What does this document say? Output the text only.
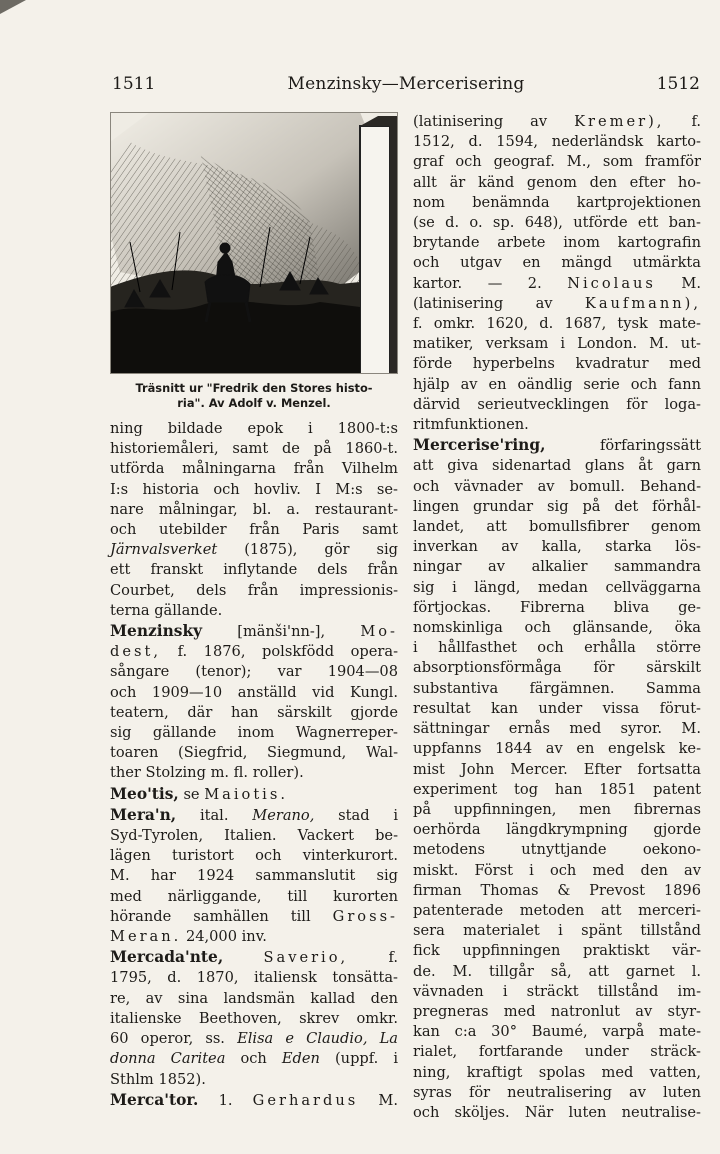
1511	Menzinsky—Mercerisering	1512
Träsnitt ur "Fredrik den Stores histo-
ria". Av Adolf v. Menzel.

ning bildade epok i 1800-t:s
historiemåleri, samt de på 1860-t.
utförda målningarna från Vilhelm
I:s historia och hovliv. I M:s se-
nare målningar, bl. a. restaurant-
och utebilder från Paris samt
Järnvalsverket (1875), gör sig
ett franskt inflytande dels från
Courbet, dels från impressionis-
terna gällande.

Menzinsky [mänši'nn-], Mo-
dest, f. 1876, polskfödd opera-
sångare (tenor); var 1904—08
och 1909—10 anställd vid Kungl.
teatern, där han särskilt gjorde
sig gällande inom Wagnerreper-
toaren (Siegfrid, Siegmund, Wal-
ther Stolzing m. fl. roller).

Meo'tis, se Maiotis.

Mera'n, ital. Merano, stad i
Syd-Tyrolen, Italien. Vackert be-
lägen turistort och vinterkurort.
M. har 1924 sammanslutit sig
med närliggande, till kurorten
hörande samhällen till Gross-
Meran. 24,000 inv.

Mercada'nte,	Saverio,	f.
1795, d. 1870, italiensk tonsätta-
re, av sina landsmän kallad den
italienske Beethoven, skrev omkr.
60 operor, ss. Elisa e Claudio, La
donna Caritea och Eden (uppf. i
Sthlm 1852).

Merca'tor. 1. Gerhardus M.

(latinisering av Kremer), f.
1512, d. 1594, nederländsk karto-
graf och geograf. M., som framför
allt är känd genom den efter ho-
nom benämnda kartprojektionen
(se d. o. sp. 648), utförde ett ban-
brytande arbete inom kartografin
och utgav en mängd utmärkta
kartor. — 2. Nicolaus M.
(latinisering av Kaufmann),
f. omkr. 1620, d. 1687, tysk mate-
matiker, verksam i London. M. ut-
förde hyperbelns kvadratur med
hjälp av en oändlig serie och fann
därvid serieutvecklingen för loga-
ritmfunktionen.

Mercerise'ring,	förfaringssätt
att giva sidenartad glans åt garn
och vävnader av bomull. Behand-
lingen grundar sig på det förhål-
landet, att bomullsfibrer genom
inverkan av kalla, starka lös-
ningar av alkalier sammandra
sig i längd, medan cellväggarna
förtjockas. Fibrerna bliva ge-
nomskinliga och glänsande, öka
i hållfasthet och erhålla större
absorptionsförmåga för särskilt
substantiva färgämnen. Samma
resultat kan under vissa förut-
sättningar ernås med syror. M.
uppfanns 1844 av en engelsk ke-
mist John Mercer. Efter fortsatta
experiment tog han 1851 patent
på uppfinningen, men fibrernas
oerhörda längdkrympning gjorde
metodens utnyttjande oekono-
miskt. Först i och med den av
firman Thomas & Prevost 1896
patenterade metoden att merceri-
sera materialet i spänt tillstånd
fick uppfinningen praktiskt vär-
de. M. tillgår så, att garnet l.
vävnaden i sträckt tillstånd im-
pregneras med natronlut av styr-
kan c:a 30° Baumé, varpå mate-
rialet, fortfarande under sträck-
ning, kraftigt spolas med vatten,
syras för neutralisering av luten
och sköljes. När luten neutralise-
